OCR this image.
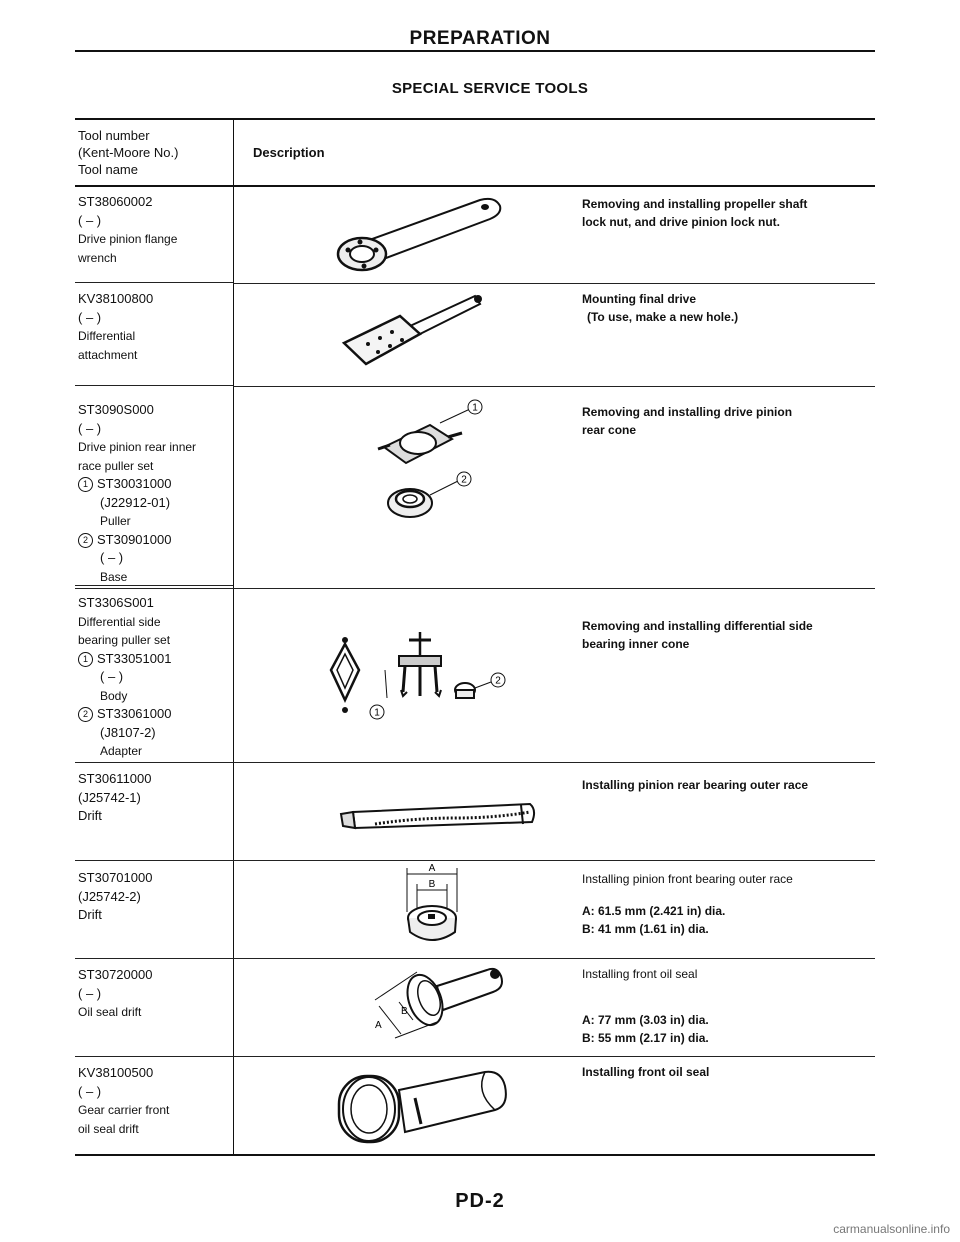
PREPARATION
SPECIAL SERVICE TOOLS
Tool number
(Kent-Moore No.)
Tool name
Description
ST38060002
( – )
Drive pinion flange
wrench
Removing and installing propeller shaft
lock nut, and drive pinion lock nut.
KV38100800
( – )
Differential
attachment
Mounting final drive
(To use, make a new hole.)
ST3090S000
( – )
Drive pinion rear inner
race puller set
1 ST30031000
(J22912-01)
Puller
2 ST30901000
( – )
Base
1
2
Removing and installing drive pinion
rear cone
ST3306S001
Differential side
bearing puller set
1 ST33051001
( – )
Body
2 ST33061000
(J8107-2)
Adapter
1
2
Removing and installing differential side
bearing inner cone
ST30611000
(J25742-1)
Drift
Installing pinion rear bearing outer race
ST30701000
(J25742-2)
Drift
A
B	Installing pinion front bearing outer race
A: 61.5 mm (2.421 in) dia.
B: 41 mm (1.61 in) dia.
ST30720000
( – )
Oil seal drift
A
B
Installing front oil seal
A: 77 mm (3.03 in) dia.
B: 55 mm (2.17 in) dia.
KV38100500
( – )
Gear carrier front
oil seal drift
Installing front oil seal
PD-2
carmanualsonline.info
